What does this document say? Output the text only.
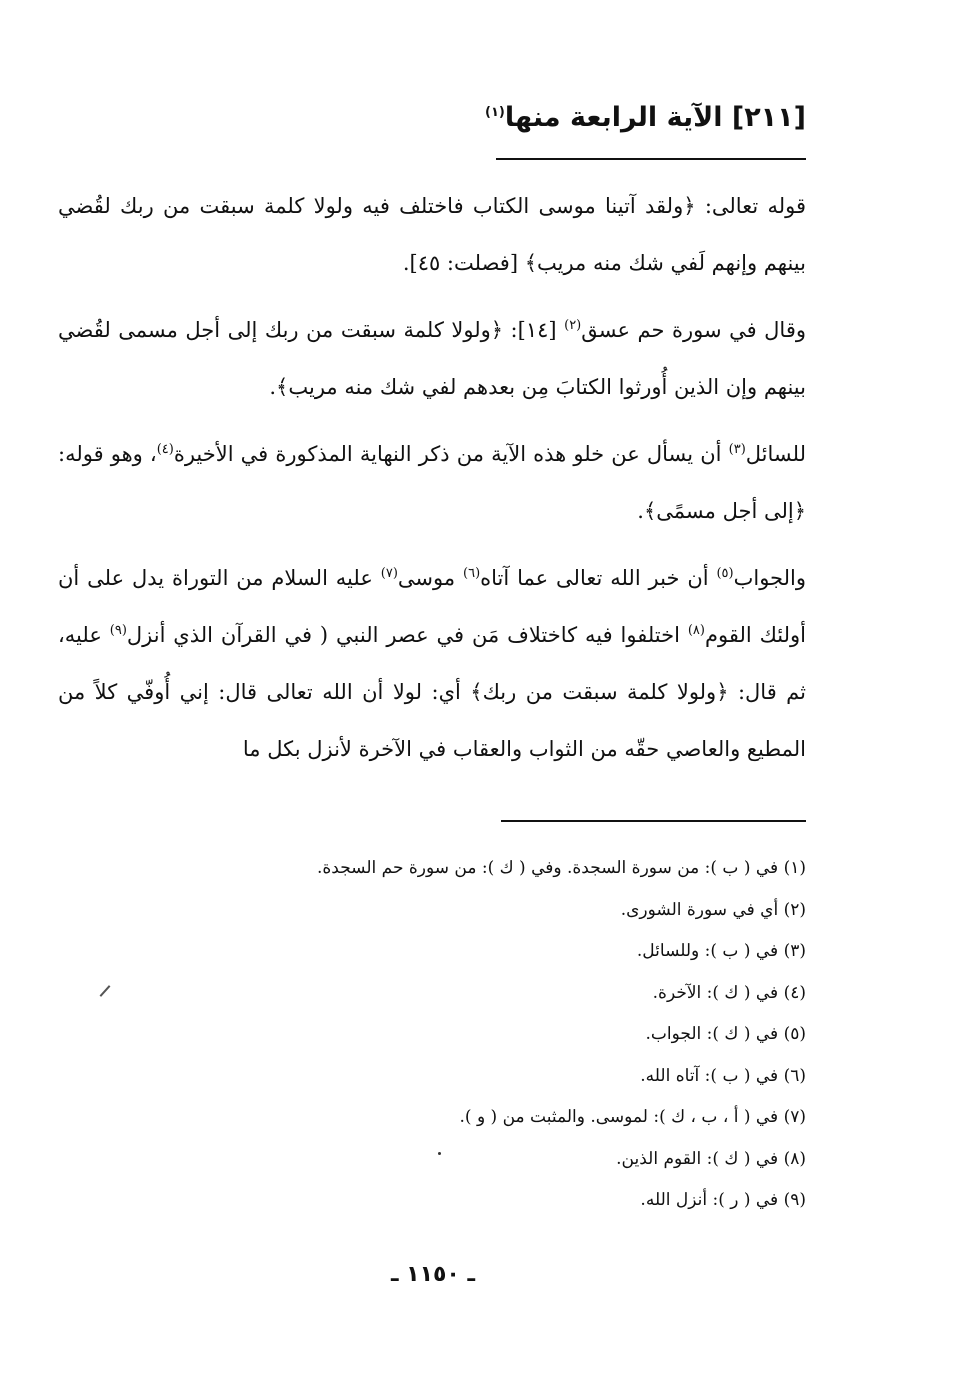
[٢١١] الآية الرابعة منها$^{(١)}$

قوله تعالى: ﴿ولقد آتينا موسى الكتاب فاختلف فيه ولولا كلمة سبقت من ربك لقُضي بينهم وإنهم لَفي شك منه مريب﴾ [فصلت: ٤٥].

وقال في سورة حم عسق$^{(٢)}$ [١٤]: ﴿ولولا كلمة سبقت من ربك إلى أجل مسمى لقُضي بينهم وإن الذين أُورثوا الكتابَ مِن بعدهم لفي شك منه مريب﴾.

للسائل$^{(٣)}$ أن يسأل عن خلو هذه الآية من ذكر النهاية المذكورة في الأخيرة$^{(٤)}$، وهو قوله: ﴿إلى أجل مسمًى﴾.

والجواب$^{(٥)}$ أن خبر الله تعالى عما آتاه$^{(٦)}$ موسى$^{(٧)}$ عليه السلام من التوراة يدل على أن أولئك القوم$^{(٨)}$ اختلفوا فيه كاختلاف مَن في عصر النبي ( في القرآن الذي أنزل$^{(٩)}$ عليه، ثم قال: ﴿ولولا كلمة سبقت من ربك﴾ أي: لولا أن الله تعالى قال: إني أُوفّي كلاً من المطيع والعاصي حقّه من الثواب والعقاب في الآخرة لأنزل بكل ما

(١) في ( ب ): من سورة السجدة. وفي ( ك ): من سورة حم السجدة.
(٢) أي في سورة الشورى.
(٣) في ( ب ): وللسائل.
(٤) في ( ك ): الآخرة.
(٥) في ( ك ): الجواب.
(٦) في ( ب ): آتاه الله.
(٧) في ( أ ، ب ، ك ): لموسى. والمثبت من ( و ).
(٨) في ( ك ): القوم الذين.
(٩) في ( ر ): أنزل الله.
ـ ١١٥٠ ـ
